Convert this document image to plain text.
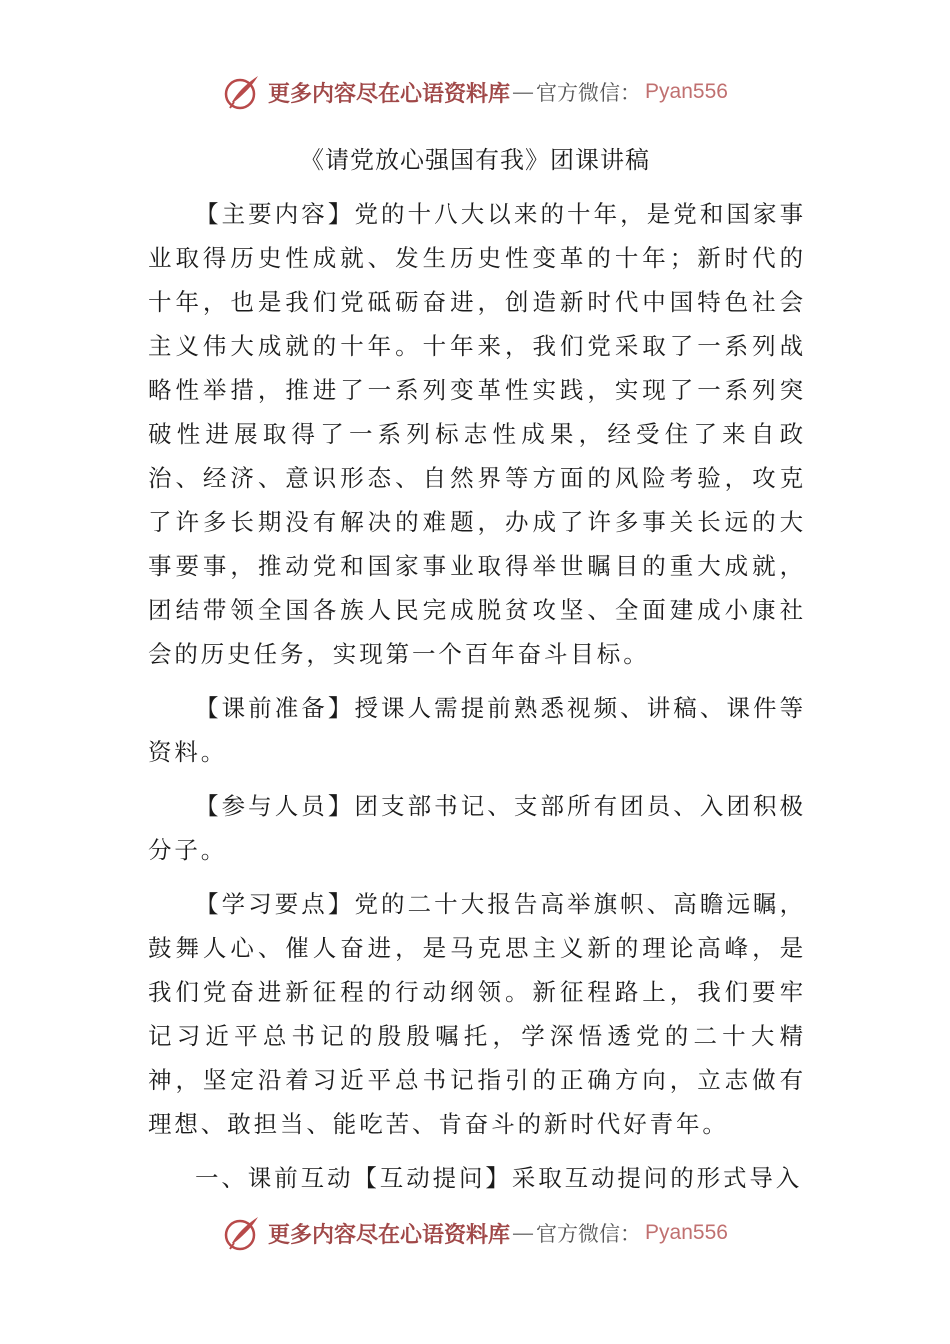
更多内容尽在心语资料库 — 官方微信： Pyan556
《请党放心强国有我》团课讲稿

【主要内容】党的十八大以来的十年，是党和国家事业取得历史性成就、发生历史性变革的十年；新时代的十年，也是我们党砥砺奋进，创造新时代中国特色社会主义伟大成就的十年。十年来，我们党采取了一系列战略性举措，推进了一系列变革性实践，实现了一系列突破性进展取得了一系列标志性成果，经受住了来自政治、经济、意识形态、自然界等方面的风险考验，攻克了许多长期没有解决的难题，办成了许多事关长远的大事要事，推动党和国家事业取得举世瞩目的重大成就，团结带领全国各族人民完成脱贫攻坚、全面建成小康社会的历史任务，实现第一个百年奋斗目标。

【课前准备】授课人需提前熟悉视频、讲稿、课件等资料。

【参与人员】团支部书记、支部所有团员、入团积极分子。

【学习要点】党的二十大报告高举旗帜、高瞻远瞩，鼓舞人心、催人奋进，是马克思主义新的理论高峰，是我们党奋进新征程的行动纲领。新征程路上，我们要牢记习近平总书记的殷殷嘱托，学深悟透党的二十大精神，坚定沿着习近平总书记指引的正确方向，立志做有理想、敢担当、能吃苦、肯奋斗的新时代好青年。

一、课前互动【互动提问】采取互动提问的形式导入

更多内容尽在心语资料库 — 官方微信： Pyan556
